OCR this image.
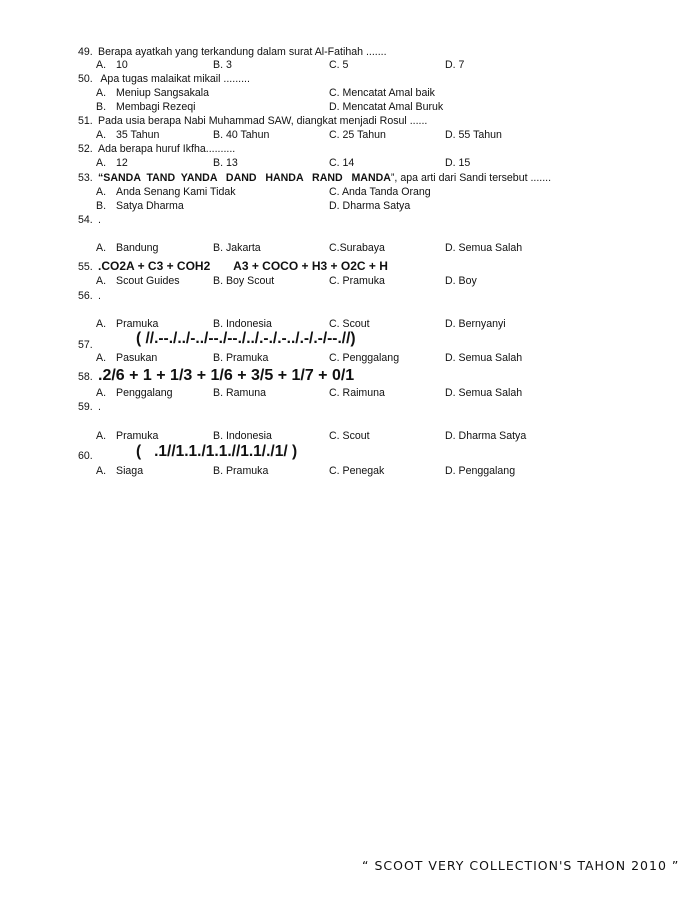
49. Berapa ayatkah yang terkandung dalam surat Al-Fatihah .......
A. 10	B. 3	C. 5	D. 7
50. Apa tugas malaikat mikail .........
A. Meniup Sangsakala	C. Mencatat Amal baik
B. Membagi Rezeqi	D. Mencatat Amal Buruk
51. Pada usia berapa Nabi Muhammad SAW, diangkat menjadi Rosul ......
A. 35 Tahun	B. 40 Tahun	C. 25 Tahun	D. 55 Tahun
52. Ada berapa huruf Ikfha..........
A. 12	B. 13	C. 14	D. 15
53. “SANDA  TAND  YANDA   DAND   HANDA   RAND   MANDA”, apa arti dari Sandi tersebut .......
A. Anda Senang Kami Tidak	C. Anda Tanda Orang
B. Satya Dharma	D. Dharma Satya
54. .
A. Bandung	B. Jakarta	C.Surabaya	D. Semua Salah
55. .CO2A + C3 + COH2       A3 + COCO + H3 + O2C + H
A. Scout Guides	B. Boy Scout	C. Pramuka	D. Boy
56. .
A. Pramuka	B. Indonesia	C. Scout	D. Bernyanyi
57.	( //.--./../-../--./--./../.-./.-../.-/.-/--.//)
A. Pasukan	B. Pramuka	C. Penggalang	D. Semua Salah
58. .2/6 + 1 + 1/3 + 1/6 + 3/5 + 1/7 + 0/1
A. Penggalang	B. Ramuna	C. Raimuna	D. Semua Salah
59. .
A. Pramuka	B. Indonesia	C. Scout	D. Dharma Satya
60.	(   .1//1.1./1.1.//1.1/./1/ )
A. Siaga	B. Pramuka	C. Penegak	D. Penggalang
“ SCOOT VERY COLLECTION'S TAHON 2010 ”
